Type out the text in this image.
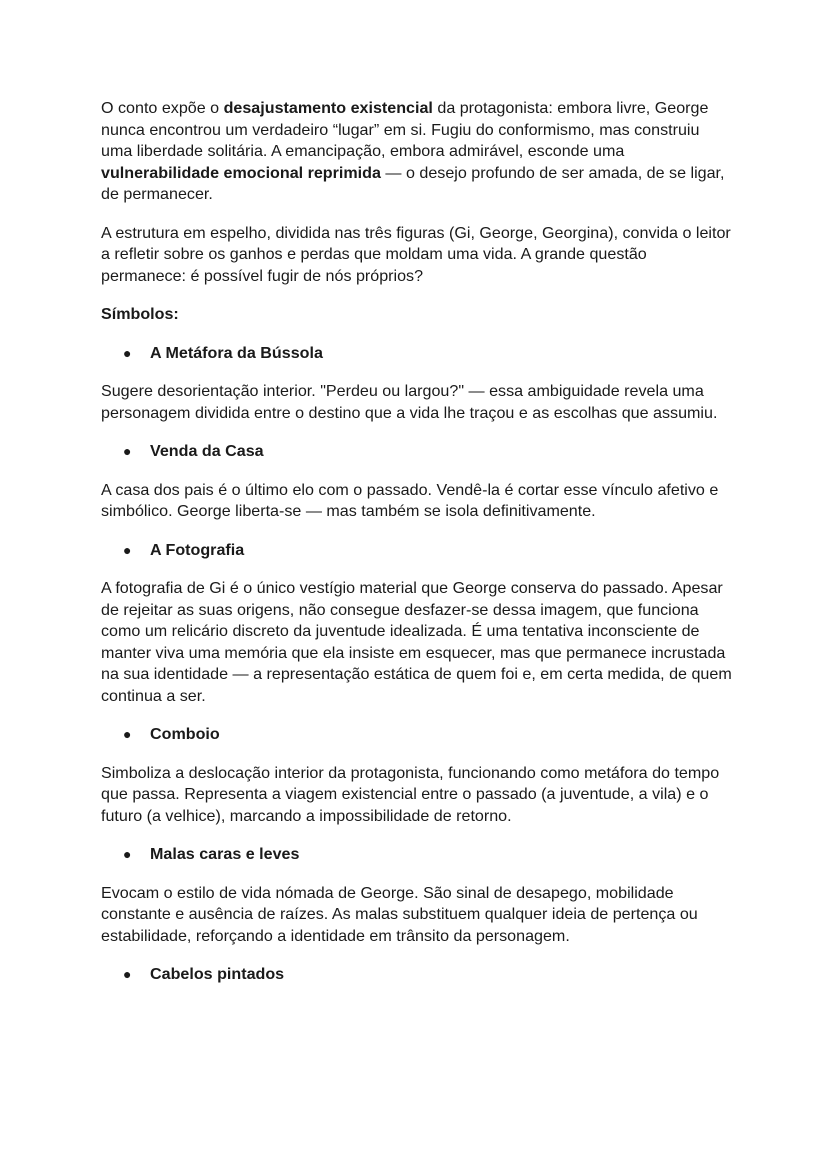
O conto expõe o desajustamento existencial da protagonista: embora livre, George nunca encontrou um verdadeiro “lugar” em si. Fugiu do conformismo, mas construiu uma liberdade solitária. A emancipação, embora admirável, esconde uma vulnerabilidade emocional reprimida — o desejo profundo de ser amada, de se ligar, de permanecer.

A estrutura em espelho, dividida nas três figuras (Gi, George, Georgina), convida o leitor a refletir sobre os ganhos e perdas que moldam uma vida. A grande questão permanece: é possível fugir de nós próprios?

Símbolos:

●	A Metáfora da Bússola

Sugere desorientação interior. "Perdeu ou largou?" — essa ambiguidade revela uma personagem dividida entre o destino que a vida lhe traçou e as escolhas que assumiu.

●	Venda da Casa

A casa dos pais é o último elo com o passado. Vendê-la é cortar esse vínculo afetivo e simbólico. George liberta-se — mas também se isola definitivamente.

●	A Fotografia

A fotografia de Gi é o único vestígio material que George conserva do passado. Apesar de rejeitar as suas origens, não consegue desfazer-se dessa imagem, que funciona como um relicário discreto da juventude idealizada. É uma tentativa inconsciente de manter viva uma memória que ela insiste em esquecer, mas que permanece incrustada na sua identidade — a representação estática de quem foi e, em certa medida, de quem continua a ser.

●	Comboio

Simboliza a deslocação interior da protagonista, funcionando como metáfora do tempo que passa. Representa a viagem existencial entre o passado (a juventude, a vila) e o futuro (a velhice), marcando a impossibilidade de retorno.

●	Malas caras e leves

Evocam o estilo de vida nómada de George. São sinal de desapego, mobilidade constante e ausência de raízes. As malas substituem qualquer ideia de pertença ou estabilidade, reforçando a identidade em trânsito da personagem.

●	Cabelos pintados
